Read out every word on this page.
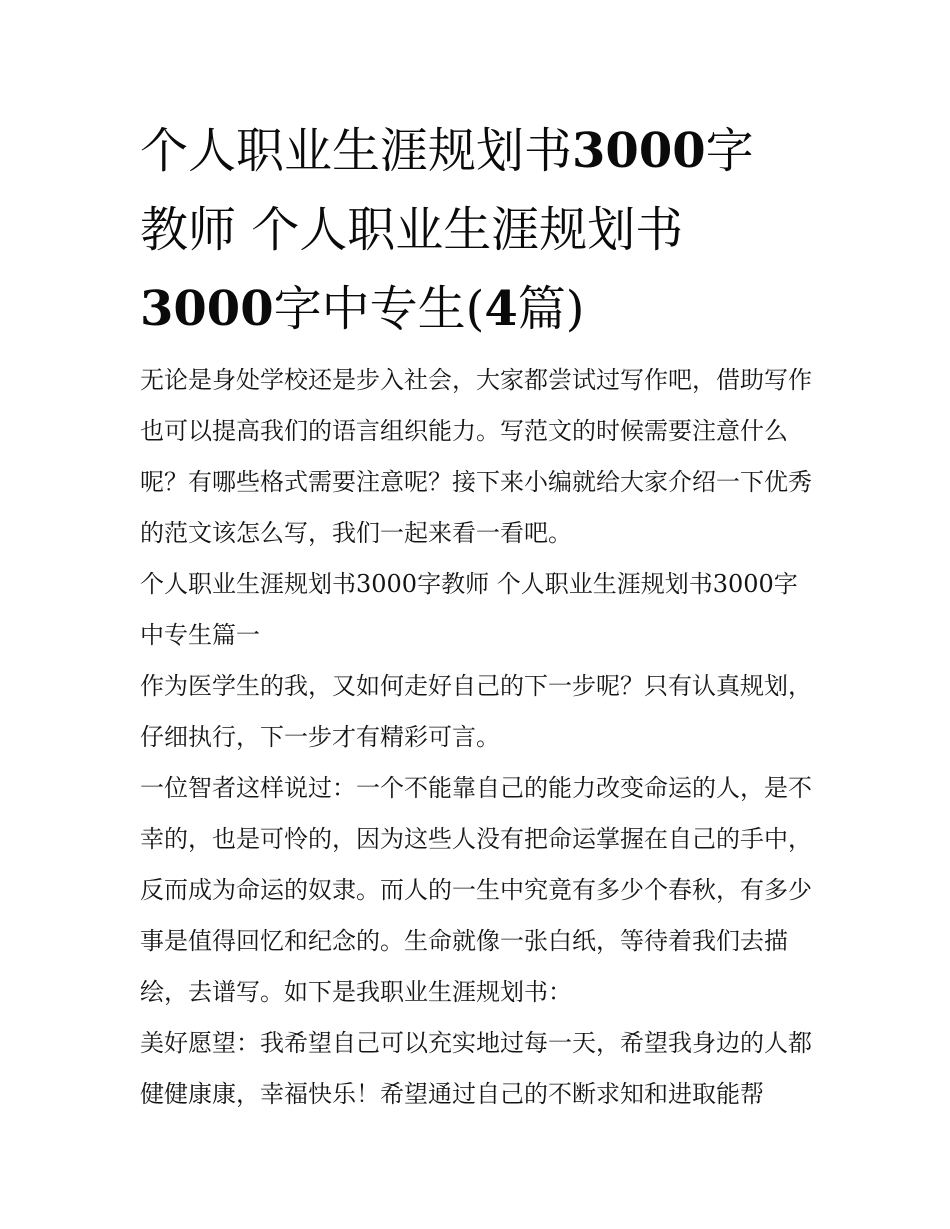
个人职业生涯规划书3000字
教师 个人职业生涯规划书
3000字中专生(4篇)

无论是身处学校还是步入社会，大家都尝试过写作吧，借助写作也可以提高我们的语言组织能力。写范文的时候需要注意什么呢？有哪些格式需要注意呢？接下来小编就给大家介绍一下优秀的范文该怎么写，我们一起来看一看吧。

个人职业生涯规划书3000字教师 个人职业生涯规划书3000字中专生篇一

作为医学生的我，又如何走好自己的下一步呢？只有认真规划，仔细执行，下一步才有精彩可言。

一位智者这样说过：一个不能靠自己的能力改变命运的人，是不幸的，也是可怜的，因为这些人没有把命运掌握在自己的手中，反而成为命运的奴隶。而人的一生中究竟有多少个春秋，有多少事是值得回忆和纪念的。生命就像一张白纸，等待着我们去描绘，去谱写。如下是我职业生涯规划书：

美好愿望：我希望自己可以充实地过每一天，希望我身边的人都健健康康，幸福快乐！希望通过自己的不断求知和进取能帮
